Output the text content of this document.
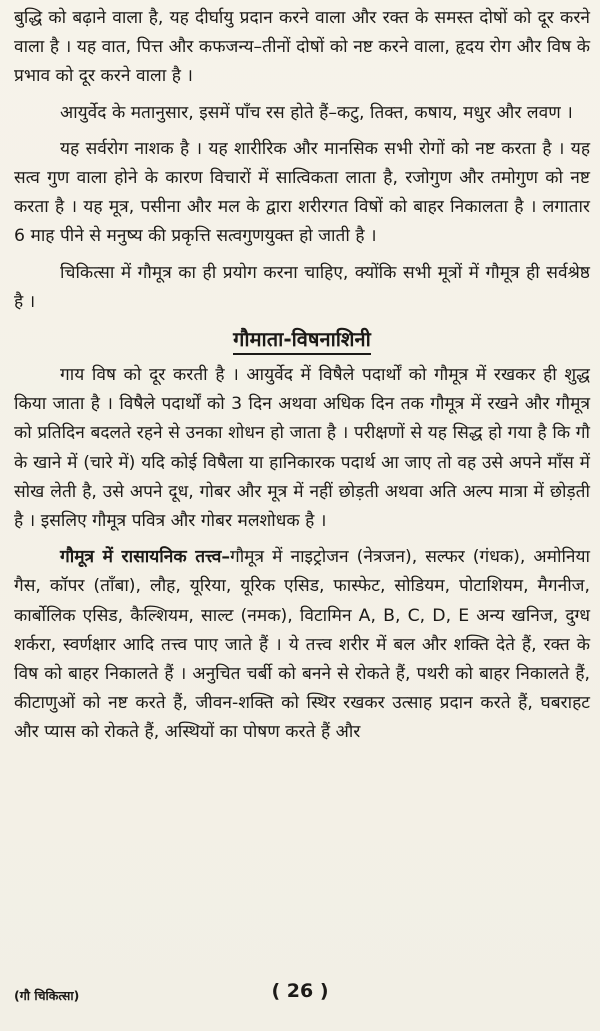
बुद्धि को बढ़ाने वाला है, यह दीर्घायु प्रदान करने वाला और रक्त के समस्त दोषों को दूर करने वाला है । यह वात, पित्त और कफजन्य–तीनों दोषों को नष्ट करने वाला, हृदय रोग और विष के प्रभाव को दूर करने वाला है ।

आयुर्वेद के मतानुसार, इसमें पाँच रस होते हैं–कटु, तिक्त, कषाय, मधुर और लवण ।

यह सर्वरोग नाशक है । यह शारीरिक और मानसिक सभी रोगों को नष्ट करता है । यह सत्व गुण वाला होने के कारण विचारों में सात्विकता लाता है, रजोगुण और तमोगुण को नष्ट करता है । यह मूत्र, पसीना और मल के द्वारा शरीरगत विषों को बाहर निकालता है । लगातार 6 माह पीने से मनुष्य की प्रकृत्ति सत्वगुणयुक्त हो जाती है ।

चिकित्सा में गौमूत्र का ही प्रयोग करना चाहिए, क्योंकि सभी मूत्रों में गौमूत्र ही सर्वश्रेष्ठ है ।

गौमाता-विषनाशिनी

गाय विष को दूर करती है । आयुर्वेद में विषैले पदार्थों को गौमूत्र में रखकर ही शुद्ध किया जाता है । विषैले पदार्थों को 3 दिन अथवा अधिक दिन तक गौमूत्र में रखने और गौमूत्र को प्रतिदिन बदलते रहने से उनका शोधन हो जाता है । परीक्षणों से यह सिद्ध हो गया है कि गौ के खाने में (चारे में) यदि कोई विषैला या हानिकारक पदार्थ आ जाए तो वह उसे अपने माँस में सोख लेती है, उसे अपने दूध, गोबर और मूत्र में नहीं छोड़ती अथवा अति अल्प मात्रा में छोड़ती है । इसलिए गौमूत्र पवित्र और गोबर मलशोधक है ।

गौमूत्र में रासायनिक तत्त्व–गौमूत्र में नाइट्रोजन (नेत्रजन), सल्फर (गंधक), अमोनिया गैस, कॉपर (ताँबा), लौह, यूरिया, यूरिक एसिड, फास्फेट, सोडियम, पोटाशियम, मैगनीज, कार्बोलिक एसिड, कैल्शियम, साल्ट (नमक), विटामिन A, B, C, D, E अन्य खनिज, दुग्ध शर्करा, स्वर्णक्षार आदि तत्त्व पाए जाते हैं । ये तत्त्व शरीर में बल और शक्ति देते हैं, रक्त के विष को बाहर निकालते हैं । अनुचित चर्बी को बनने से रोकते हैं, पथरी को बाहर निकालते हैं, कीटाणुओं को नष्ट करते हैं, जीवन-शक्ति को स्थिर रखकर उत्साह प्रदान करते हैं, घबराहट और प्यास को रोकते हैं, अस्थियों का पोषण करते हैं और

(गौ चिकित्सा)	( 26 )
